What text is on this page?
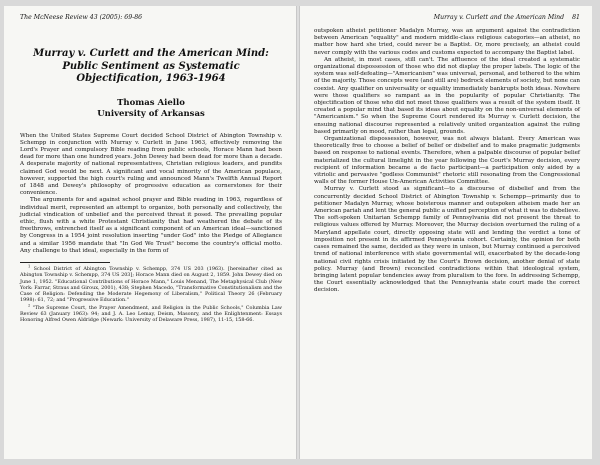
The McNeese Review 43 (2005): 69-86
Murray v. Curlett and the American Mind: Public Sentiment as Systematic Objectification, 1963-1964
Thomas Aiello
University of Arkansas

When the United States Supreme Court decided School District of Abington Township v. Schempp in conjunction with Murray v. Curlett in June 1963, effectively removing the Lord's Prayer and compulsory Bible reading from public schools, Horace Mann had been dead for more than one hundred years. John Dewey had been dead for more than a decade. A desperate majority of national representatives, Christian religious leaders, and pundits claimed God would be next. A significant and vocal minority of the American populace, however, supported the high court's ruling and announced Mann's Twelfth Annual Report of 1848 and Dewey's philosophy of progressive education as cornerstones for their convenience.

The arguments for and against school prayer and Bible reading in 1963, regardless of individual merit, represented an attempt to organize, both personally and collectively, the judicial vindication of unbelief and the perceived threat it posed. The prevailing popular ethic, flush with a white Protestant Christianity that had weathered the debate of its freethrows, entrenched itself as a significant component of an American ideal—sanctioned by Congress in a 1954 joint resolution inserting "under God" into the Pledge of Allegiance and a similar 1956 mandate that "In God We Trust" become the country's official motto. Any challenge to that ideal, especially in the form of

$^1$ School District of Abington Township v. Schempp, 374 US 203 (1963). [hereinafter cited as Abington Township v. Schempp, 374 US 203]; Horace Mann died on August 2, 1859. John Dewey died on June 1, 1952. "Educational Contributions of Horace Mann," Louis Menand, The Metaphysical Club (New York: Farrar, Straus and Giroux, 2001), 438; Stephen Macedo, "Transformative Constitutionalism and the Case of Religion: Defending the Moderate Hegemony of Liberalism," Political Theory 26 (February 1998): 61, 72; and "Progressive Education."

$^2$ "The Supreme Court, the Prayer Amendment, and Religion in the Public Schools," Columbia Law Review 63 (January 1963): 94; and J. A. Leo Lemay, Deism, Masonry, and the Enlightenment: Essays Honoring Alfred Owen Aldridge (Newark: University of Delaware Press, 1987), 11-15, 158-66.

Murray v. Curlett and the American Mind 81

outspoken atheist petitioner Madalyn Murray, was an argument against the contradiction between American "equality" and modern middle-class religious categories—an atheist, no matter how hard she tried, could never be a Baptist. Or, more precisely, an atheist could never comply with the various codes and customs expected to accompany the Baptist label.

An atheist, in most cases, still can't. The affluence of the ideal created a systematic organizational dispossession of those who did not display the proper labels. The logic of the system was self-defeating—"Americanism" was universal, personal, and tethered to the whim of the majority. Those concepts were (and still are) bedrock elements of society, but none can coexist. Any qualifier on universality or equality immediately bankrupts both ideas. Nowhere were those qualifiers so rampant as in the popularity of popular Christianity. The objectification of those who did not meet those qualifiers was a result of the system itself. It created a popular mind that based its ideas about equality on the non-universal elements of "Americanism." So when the Supreme Court rendered its Murray v. Curlett decision, the ensuing national discourse represented a relatively united organization against the ruling based primarily on mood, rather than legal, grounds.

Organizational dispossession, however, was not always blatant. Every American was theoretically free to choose a belief of belief or disbelief and to make pragmatic judgments based on response to national events. Therefore, when a palpable discourse of popular belief materialized the cultural limelight in the year following the Court's Murray decision, every recipient of information became a de facto participant—a participation only aided by a vitriolic and pervasive "godless Communist" rhetoric still resonating from the Congressional walls of the former House Un-American Activities Committee.

Murray v. Curlett stood as significant—to a discourse of disbelief and from the concurrently decided School District of Abington Township v. Schempp—primarily due to petitioner Madalyn Murray, whose boisterous manner and outspoken atheism made her an American pariah and lent the general public a unified perception of what it was to disbelieve. The soft-spoken Unitarian Schempp family of Pennsylvania did not present the threat to religious values offered by Murray. Moreover, the Murray decision overturned the ruling of a Maryland appellate court, directly opposing state will and lending the verdict a tone of imposition not present in its affirmed Pennsylvania cohort. Certainly, the opinion for both cases remained the same, decided as they were in unison, but Murray continued a perceived trend of national interference with state governmental will, exacerbated by the decade-long national civil rights crisis initiated by the Court's Brown decision, another denial of state policy. Murray (and Brown) reconciled contradictions within that ideological system, bringing latent popular tendencies away from pluralism to the fore. In addressing Schempp, the Court essentially acknowledged that the Pennsylvania state court made the correct decision.
